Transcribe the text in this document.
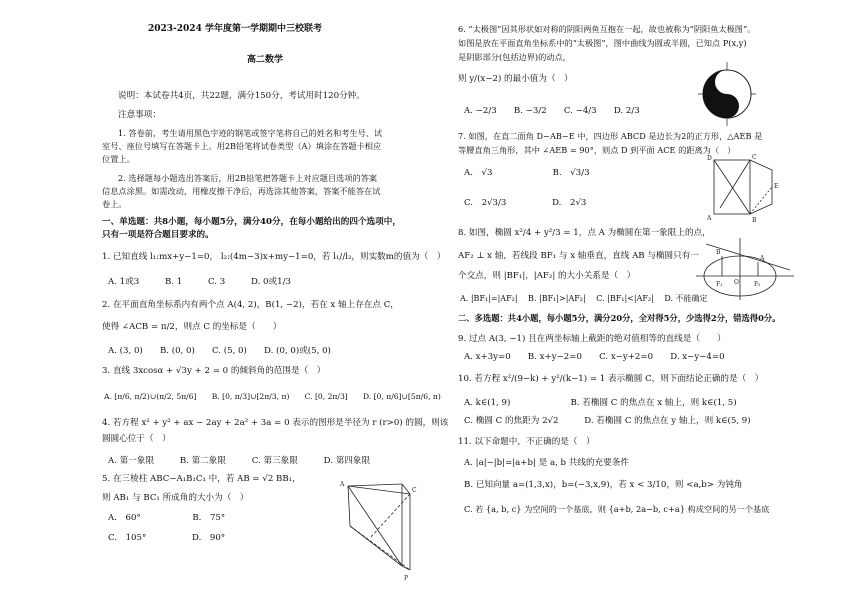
2023-2024 学年度第一学期期中三校联考
高二数学
说明：本试卷共4页，共22题，满分150分，考试用时120分钟。
注意事项：
1. 答卷前，考生请用黑色字迹的钢笔或签字笔将自己的姓名和考生号、试
室号、座位号填写在答题卡上。用2B铅笔将试卷类型（A）填涂在答题卡相应
位置上。
2. 选择题每小题选出答案后，用2B铅笔把答题卡上对应题目选项的答案
信息点涂黑。如需改动，用橡皮擦干净后，再选涂其他答案，答案不能答在试
卷上。
一、单选题：共8小题，每小题5分，满分40分，在每小题给出的四个选项中，
只有一项是符合题目要求的。
1. 已知直线 l₁:mx+y−1=0， l₂:(4m−3)x+my−1=0，若 l₁//l₂，则实数m的值为（　）
A. 1或3　　　B. 1　　　C. 3　　　D. 0或1/3
2. 在平面直角坐标系内有两个点 A(4, 2)，B(1, −2)，若在 x 轴上存在点 C，
使得 ∠ACB = π/2，则点 C 的坐标是（　　）
A. (3, 0)　　B. (0, 0)　　C. (5, 0)　　D. (0, 0)或(5, 0)
3. 直线 3xcosα + √3y + 2 = 0 的倾斜角的范围是（　）
A. [π/6, π/2)∪(π/2, 5π/6]　　B. [0, π/3]∪[2π/3, π)　　C. [0, 2π/3]　　D. [0, π/6]∪[5π/6, π)
4. 若方程 x² + y² + ax − 2ay + 2a² + 3a = 0 表示的图形是半径为 r (r>0) 的圆，则该
圆圆心位于（　）
A. 第一象限　　　B. 第二象限　　　C. 第三象限　　　D. 第四象限
5. 在三棱柱 ABC−A₁B₁C₁ 中，若 AB = √2 BB₁，
则 AB₁ 与 BC₁ 所成角的大小为（　）
A.　60°　　　　　　B.　75°
C.　105°　　　　　 D.　90°
A
C
P
6. “太极图”因其形状如对称的阴阳两鱼互抱在一起，故也被称为“阴阳鱼太极图”。
如图是放在平面直角坐标系中的“太极图”，图中曲线为圆或半圆，已知点 P(x,y)
是阴影部分(包括边界)的动点，
则 y/(x−2) 的最小值为（　）
A. −2/3　　B. −3/2　　C. −4/3　　D. 2/3
7. 如图，在直二面角 D−AB−E 中，四边形 ABCD 是边长为2的正方形，△AEB 是
等腰直角三角形，其中 ∠AEB = 90°，则点 D 到平面 ACE 的距离为（　）
A.　√3　　　　　　　B.　√3/3
C.　2√3/3　　　　　 D.　2√3
D	C
E
A	B
8. 如图，椭圆 x²/4 + y²/3 = 1，点 A 为椭圆在第一象限上的点，
AF₂ ⊥ x 轴，若线段 BF₁ 与 x 轴垂直，直线 AB 与椭圆只有一
个交点，则 |BF₁|，|AF₂| 的大小关系是（　）
A. |BF₁|=|AF₂|　 B. |BF₁|>|AF₂|　 C. |BF₁|<|AF₂|　 D. 不能确定
F₁	F₂
O
A
B
二、多选题：共4小题，每小题5分，满分20分，全对得5分，少选得2分，错选得0分。
9. 过点 A(3, −1) 且在两坐标轴上截距的绝对值相等的直线是（　　）
A. x+3y=0　　B. x+y−2=0　　C. x−y+2=0　　D. x−y−4=0
10. 若方程 x²/(9−k) + y²/(k−1) = 1 表示椭圆 C，则下面结论正确的是（　）
A. k∈(1, 9)　　　　　　　B. 若椭圆 C 的焦点在 x 轴上，则 k∈(1, 5)
C. 椭圆 C 的焦距为 2√2　　　D. 若椭圆 C 的焦点在 y 轴上，则 k∈(5, 9)
11. 以下命题中，不正确的是（　）
A. |a|−|b|=|a+b| 是 a, b 共线的充要条件
B. 已知向量 a=(1,3,x)，b=(−3,x,9)，若 x < 3/10，则 <a,b> 为钝角
C. 若 {a, b, c} 为空间的一个基底，则 {a+b, 2a−b, c+a} 构成空间的另一个基底
